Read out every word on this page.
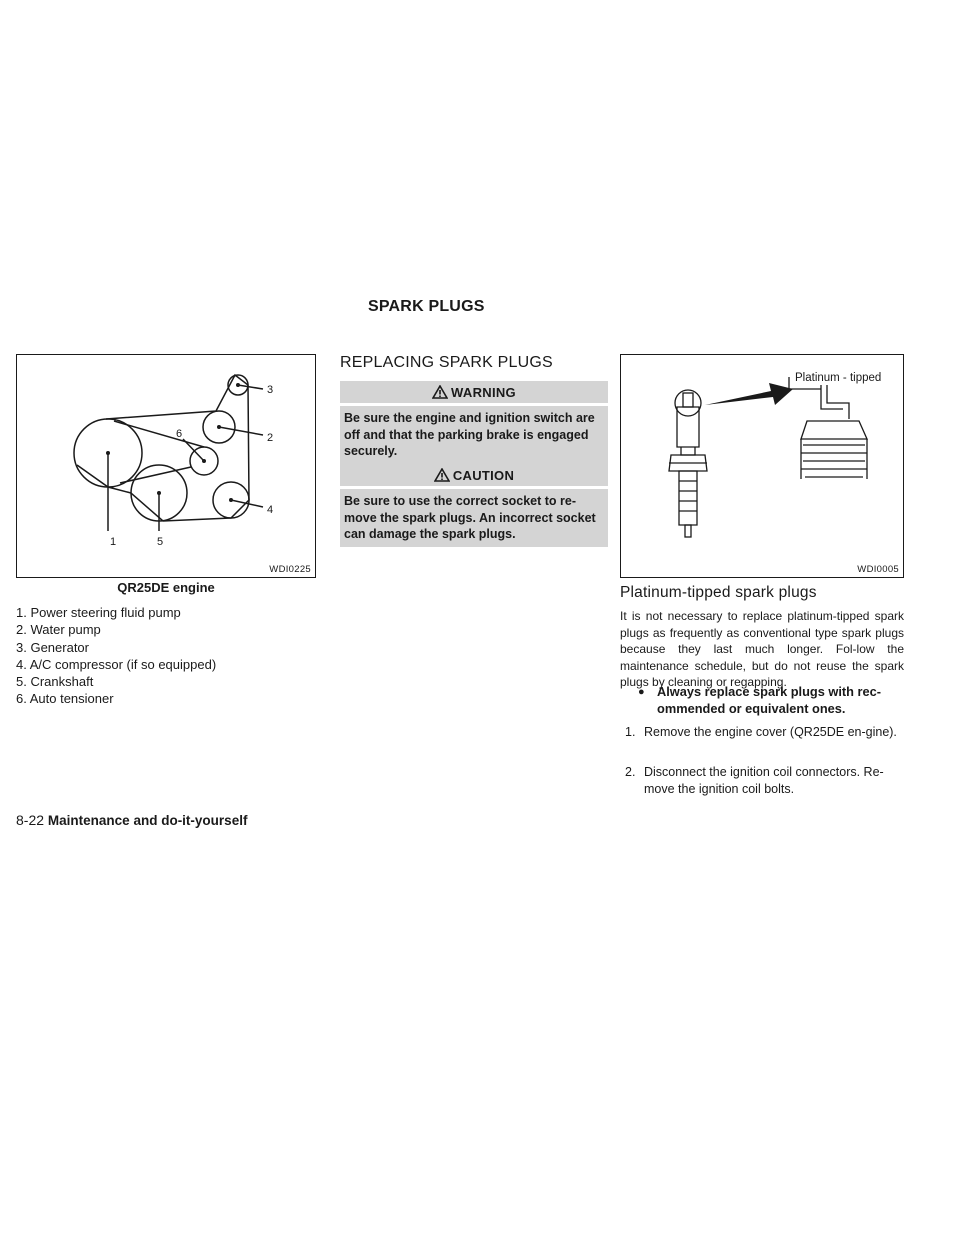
SPARK PLUGS
1	5
6
3
2
4
WDI0225
QR25DE engine
1. Power steering fluid pump
2. Water pump
3. Generator
4. A/C compressor (if so equipped)
5. Crankshaft
6. Auto tensioner
REPLACING SPARK PLUGS
WARNING
Be sure the engine and ignition switch are off and that the parking brake is engaged securely.
CAUTION
Be sure to use the correct socket to re-move the spark plugs. An incorrect socket can damage the spark plugs.
Platinum - tipped
WDI0005
Platinum-tipped spark plugs
It is not necessary to replace platinum-tipped spark plugs as frequently as conventional type spark plugs because they last much longer. Fol-low the maintenance schedule, but do not reuse the spark plugs by cleaning or regapping.
● Always replace spark plugs with rec-ommended or equivalent ones.
1. Remove the engine cover (QR25DE en-gine).
2. Disconnect the ignition coil connectors. Re-move the ignition coil bolts.
8-22 Maintenance and do-it-yourself
